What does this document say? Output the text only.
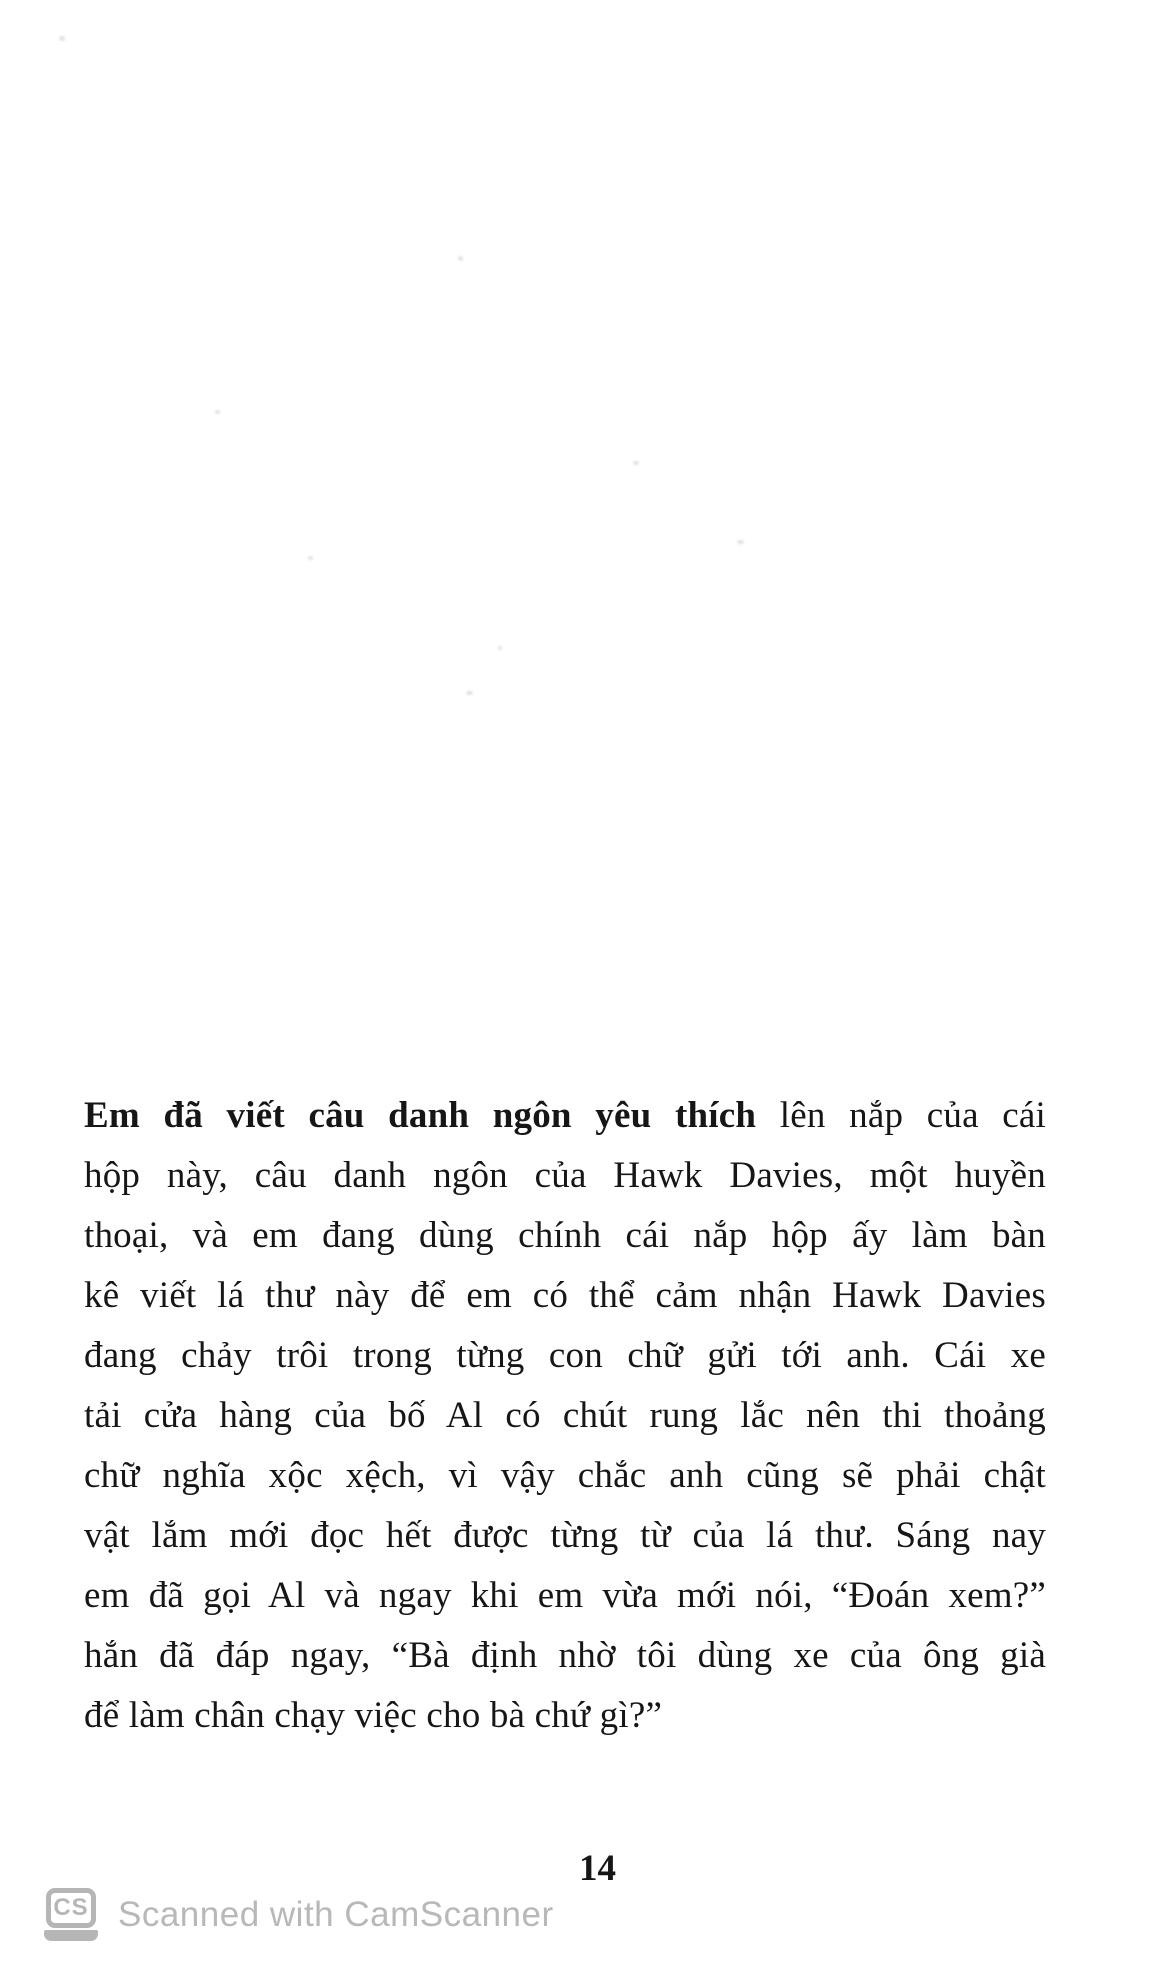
Em đã viết câu danh ngôn yêu thích lên nắp của cái
hộp này, câu danh ngôn của Hawk Davies, một huyền
thoại, và em đang dùng chính cái nắp hộp ấy làm bàn
kê viết lá thư này để em có thể cảm nhận Hawk Davies
đang chảy trôi trong từng con chữ gửi tới anh. Cái xe
tải cửa hàng của bố Al có chút rung lắc nên thi thoảng
chữ nghĩa xộc xệch, vì vậy chắc anh cũng sẽ phải chật
vật lắm mới đọc hết được từng từ của lá thư. Sáng nay
em đã gọi Al và ngay khi em vừa mới nói, “Đoán xem?”
hắn đã đáp ngay, “Bà định nhờ tôi dùng xe của ông già
để làm chân chạy việc cho bà chứ gì?”
14
CS Scanned with CamScanner
